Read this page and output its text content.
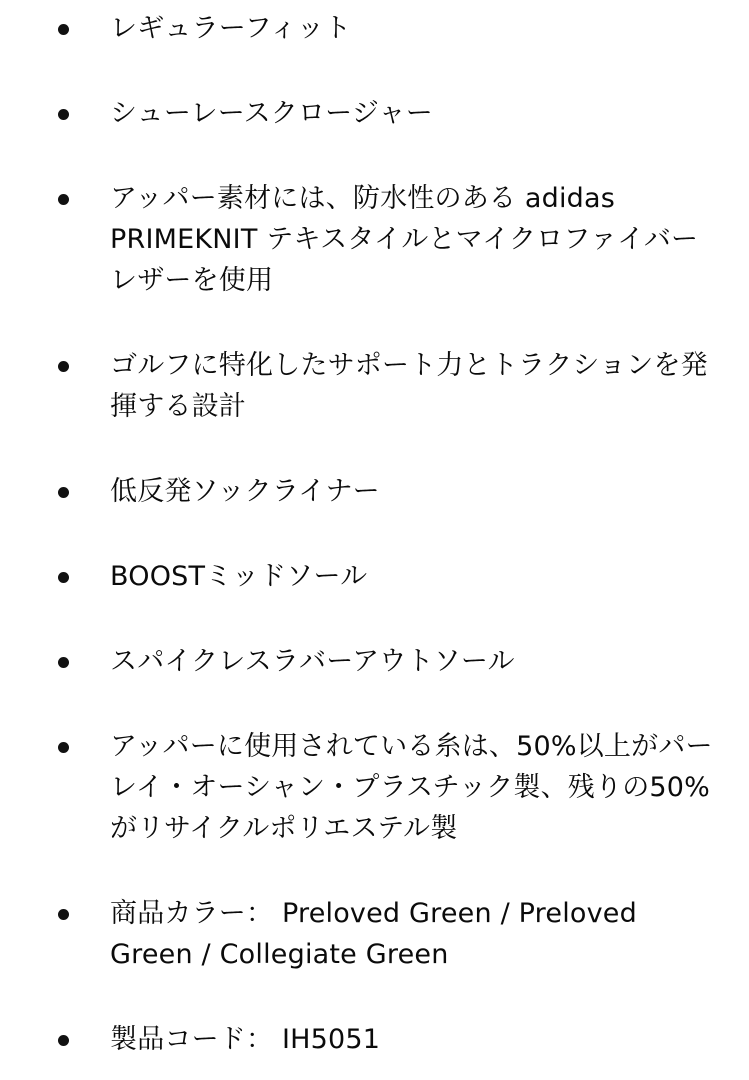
レギュラーフィット
シューレースクロージャー
アッパー素材には、防水性のある adidas PRIMEKNIT テキスタイルとマイクロファイバー レザーを使用
ゴルフに特化したサポート力とトラクションを発揮する設計
低反発ソックライナー
BOOSTミッドソール
スパイクレスラバーアウトソール
アッパーに使用されている糸は、50%以上がパーレイ・オーシャン・プラスチック製、残りの50%がリサイクルポリエステル製
商品カラー： Preloved Green / Preloved Green / Collegiate Green
製品コード： IH5051
